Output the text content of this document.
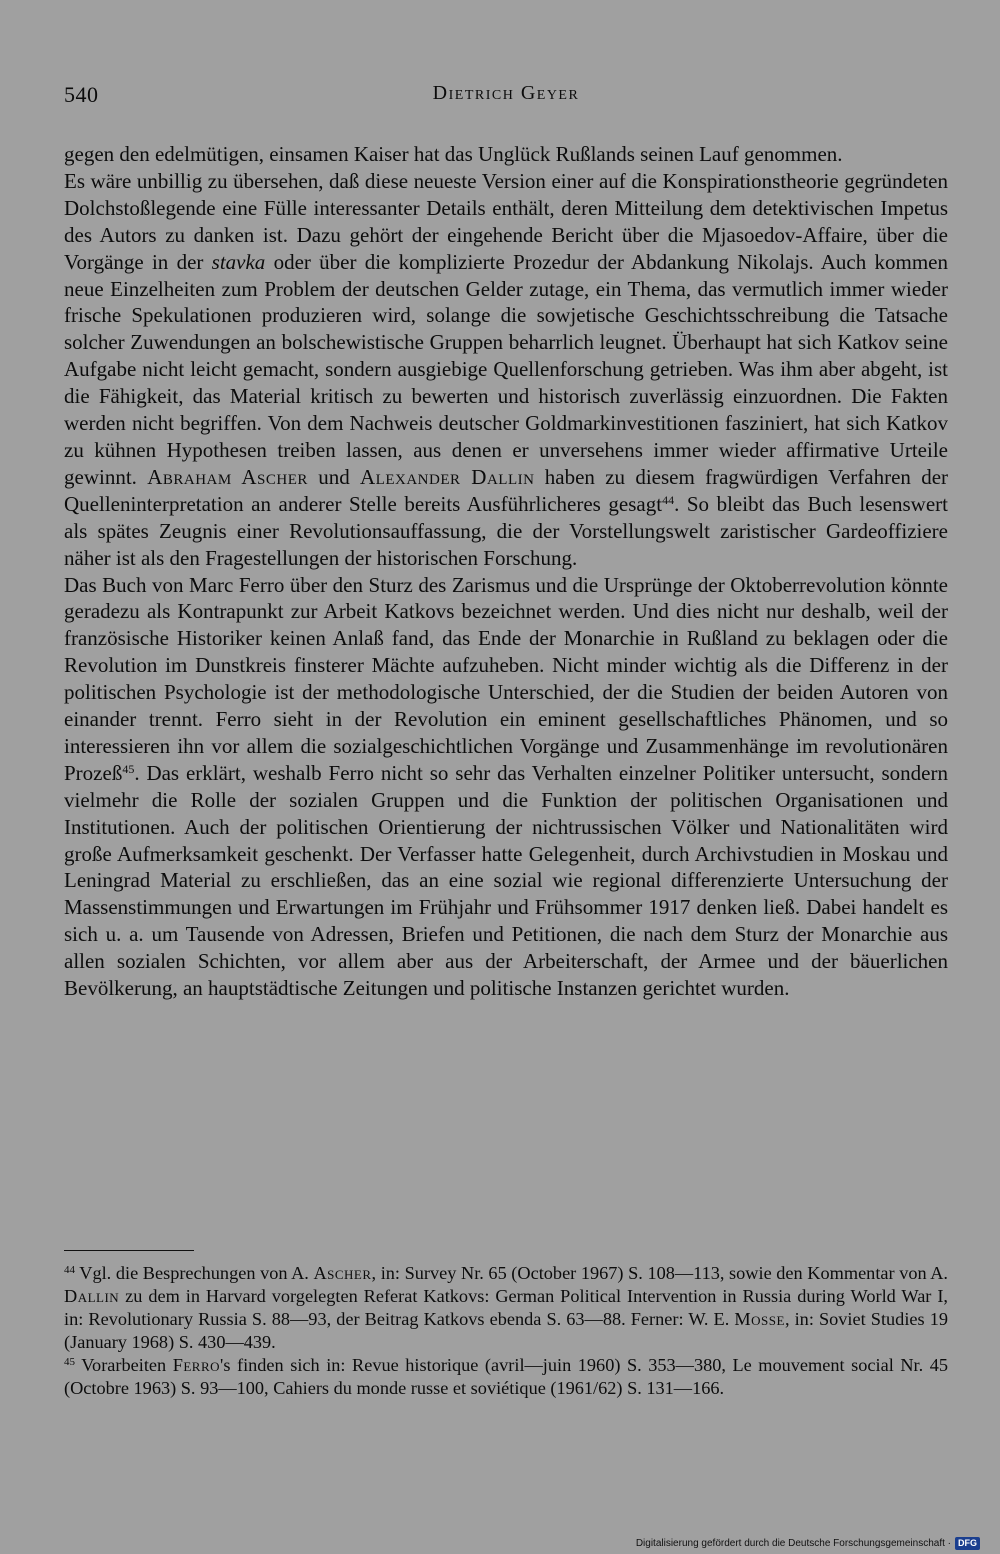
540	Dietrich Geyer

gegen den edelmütigen, einsamen Kaiser hat das Unglück Rußlands seinen Lauf genommen.

Es wäre unbillig zu übersehen, daß diese neueste Version einer auf die Konspirationstheorie gegründeten Dolchstoßlegende eine Fülle interessanter Details enthält, deren Mitteilung dem detektivischen Impetus des Autors zu danken ist. Dazu gehört der eingehende Bericht über die Mjasoedov-Affaire, über die Vorgänge in der stavka oder über die komplizierte Prozedur der Abdankung Nikolajs. Auch kommen neue Einzelheiten zum Problem der deutschen Gelder zutage, ein Thema, das vermutlich immer wieder frische Spekulationen produzieren wird, solange die sowjetische Geschichtsschreibung die Tatsache solcher Zuwendungen an bolschewistische Gruppen beharrlich leugnet. Überhaupt hat sich Katkov seine Aufgabe nicht leicht gemacht, sondern ausgiebige Quellenforschung getrieben. Was ihm aber abgeht, ist die Fähigkeit, das Material kritisch zu bewerten und historisch zuverlässig einzuordnen. Die Fakten werden nicht begriffen. Von dem Nachweis deutscher Goldmarkinvestitionen fasziniert, hat sich Katkov zu kühnen Hypothesen treiben lassen, aus denen er unversehens immer wieder affirmative Urteile gewinnt. Abraham Ascher und Alexander Dallin haben zu diesem fragwürdigen Verfahren der Quelleninterpretation an anderer Stelle bereits Ausführlicheres gesagt$^{44}$. So bleibt das Buch lesenswert als spätes Zeugnis einer Revolutionsauffassung, die der Vorstellungswelt zaristischer Gardeoffiziere näher ist als den Fragestellungen der historischen Forschung.

Das Buch von Marc Ferro über den Sturz des Zarismus und die Ursprünge der Oktoberrevolution könnte geradezu als Kontrapunkt zur Arbeit Katkovs bezeichnet werden. Und dies nicht nur deshalb, weil der französische Historiker keinen Anlaß fand, das Ende der Monarchie in Rußland zu beklagen oder die Revolution im Dunstkreis finsterer Mächte aufzuheben. Nicht minder wichtig als die Differenz in der politischen Psychologie ist der methodologische Unterschied, der die Studien der beiden Autoren von einander trennt. Ferro sieht in der Revolution ein eminent gesellschaftliches Phänomen, und so interessieren ihn vor allem die sozialgeschichtlichen Vorgänge und Zusammenhänge im revolutionären Prozeß$^{45}$. Das erklärt, weshalb Ferro nicht so sehr das Verhalten einzelner Politiker untersucht, sondern vielmehr die Rolle der sozialen Gruppen und die Funktion der politischen Organisationen und Institutionen. Auch der politischen Orientierung der nichtrussischen Völker und Nationalitäten wird große Aufmerksamkeit geschenkt. Der Verfasser hatte Gelegenheit, durch Archivstudien in Moskau und Leningrad Material zu erschließen, das an eine sozial wie regional differenzierte Untersuchung der Massenstimmungen und Erwartungen im Frühjahr und Frühsommer 1917 denken ließ. Dabei handelt es sich u. a. um Tausende von Adressen, Briefen und Petitionen, die nach dem Sturz der Monarchie aus allen sozialen Schichten, vor allem aber aus der Arbeiterschaft, der Armee und der bäuerlichen Bevölkerung, an hauptstädtische Zeitungen und politische Instanzen gerichtet wurden.

$^{44}$ Vgl. die Besprechungen von A. Ascher, in: Survey Nr. 65 (October 1967) S. 108—113, sowie den Kommentar von A. Dallin zu dem in Harvard vorgelegten Referat Katkovs: German Political Intervention in Russia during World War I, in: Revolutionary Russia S. 88—93, der Beitrag Katkovs ebenda S. 63—88. Ferner: W. E. Mosse, in: Soviet Studies 19 (January 1968) S. 430—439.

$^{45}$ Vorarbeiten Ferro's finden sich in: Revue historique (avril—juin 1960) S. 353—380, Le mouvement social Nr. 45 (Octobre 1963) S. 93—100, Cahiers du monde russe et soviétique (1961/62) S. 131—166.

Digitalisierung gefördert durch die Deutsche Forschungsgemeinschaft · DFG
